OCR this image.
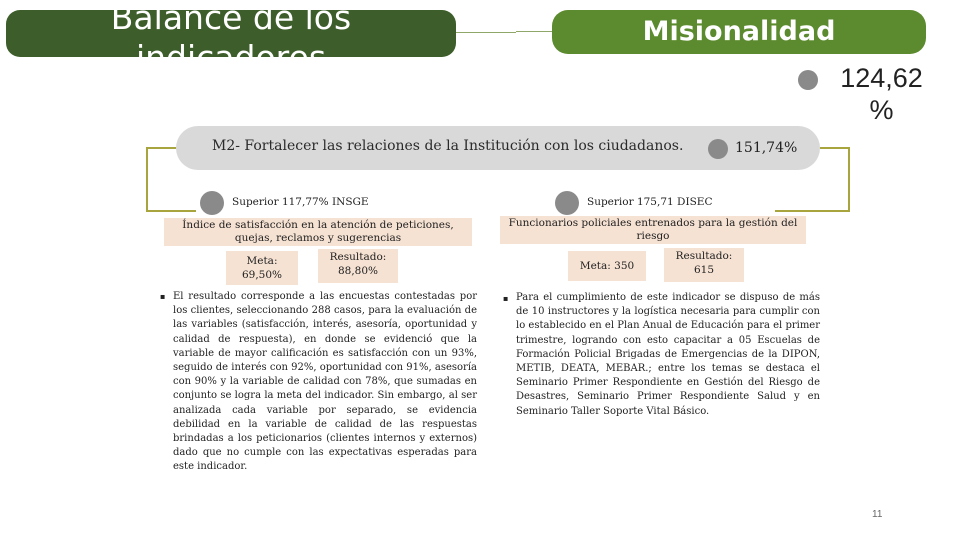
Balance de los
indicadores
Misionalidad
124,62
%
M2- Fortalecer las relaciones de la Institución con los ciudadanos.	151,74%
Superior 117,77% INSGE
Índice de satisfacción en la atención de peticiones, quejas, reclamos y sugerencias
Meta:
69,50%
Resultado:
88,80%
▪ El resultado corresponde a las encuestas contestadas por los clientes, seleccionando 288 casos, para la evaluación de las variables (satisfacción, interés, asesoría, oportunidad y calidad de respuesta), en donde se evidenció que la variable de mayor calificación es satisfacción con un 93%, seguido de interés con 92%, oportunidad con 91%, asesoría con 90% y la variable de calidad con 78%, que sumadas en conjunto se logra la meta del indicador. Sin embargo, al ser analizada cada variable por separado, se evidencia debilidad en la variable de calidad de las respuestas brindadas a los peticionarios (clientes internos y externos) dado que no cumple con las expectativas esperadas para este indicador.
Superior 175,71 DISEC
Funcionarios policiales entrenados para la gestión del riesgo
Meta: 350
Resultado:
615
▪ Para el cumplimiento de este indicador se dispuso de más de 10 instructores y la logística necesaria para cumplir con lo establecido en el Plan Anual de Educación para el primer trimestre, logrando con esto capacitar a 05 Escuelas de Formación Policial Brigadas de Emergencias de la DIPON, METIB, DEATA, MEBAR.; entre los temas se destaca el Seminario Primer Respondiente en Gestión del Riesgo de Desastres, Seminario Primer Respondiente Salud y en Seminario Taller Soporte Vital Básico.
11
